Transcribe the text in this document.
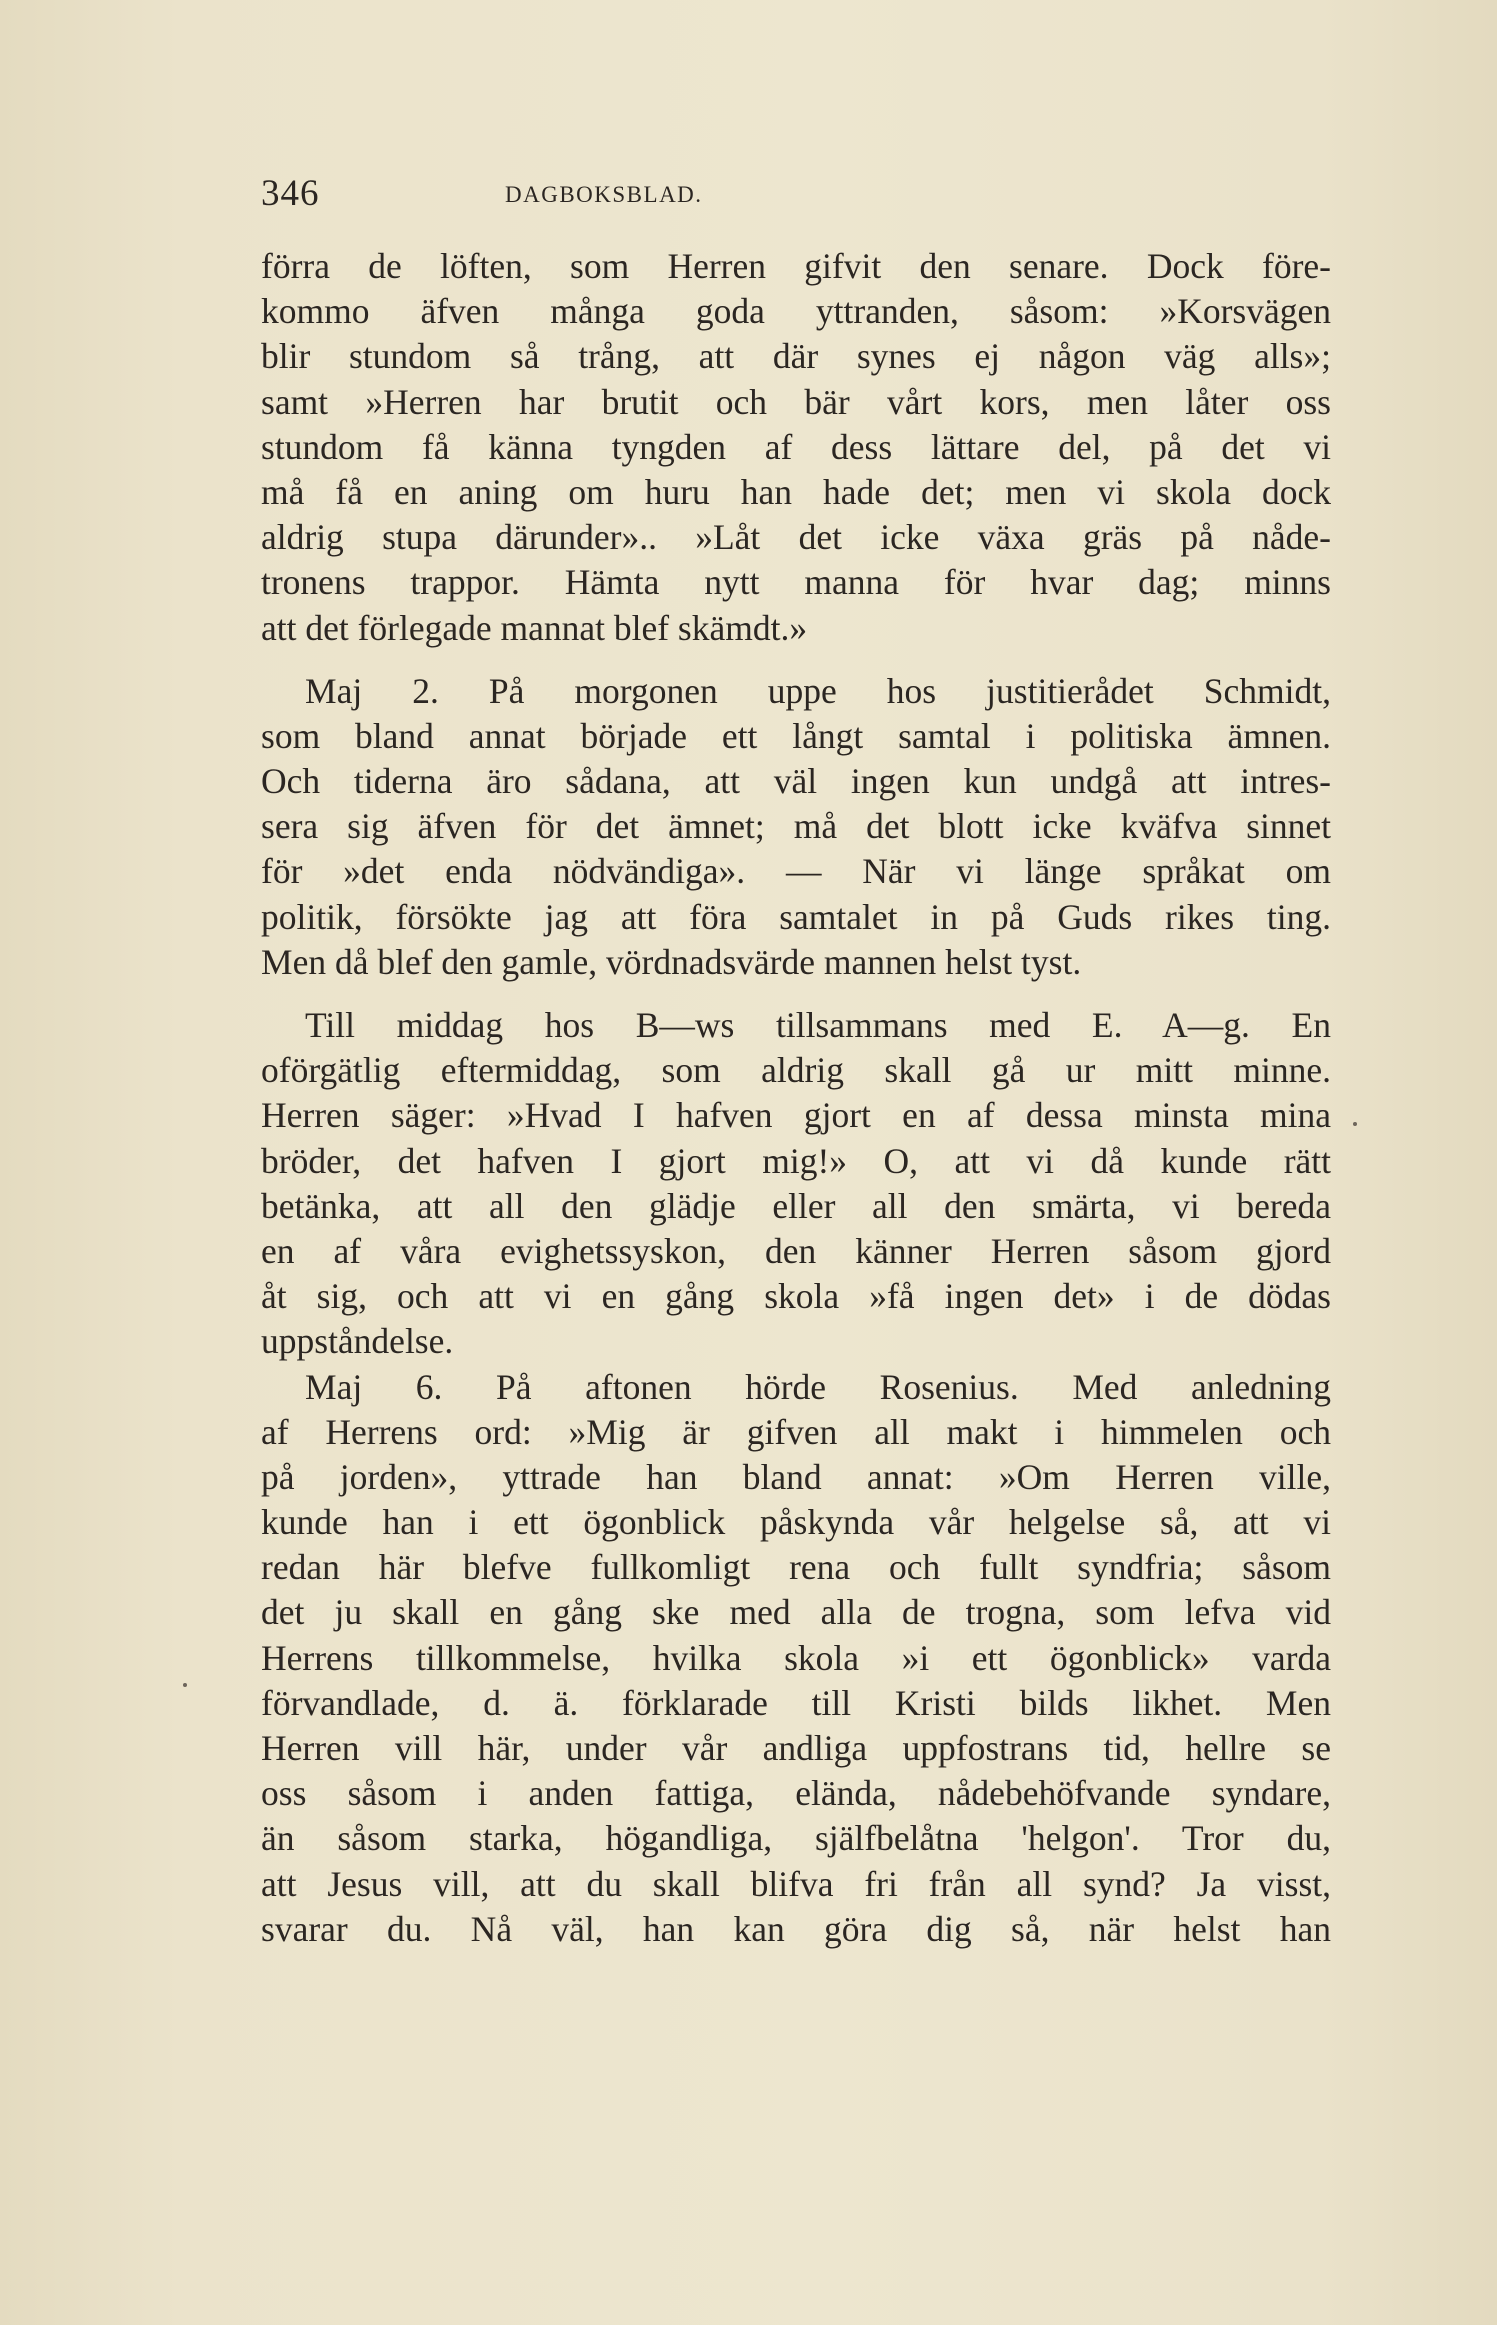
346	DAGBOKSBLAD.
förra de löften, som Herren gifvit den senare. Dock före-
kommo äfven många goda yttranden, såsom: »Korsvägen
blir stundom så trång, att där synes ej någon väg alls»;
samt »Herren har brutit och bär vårt kors, men låter oss
stundom få känna tyngden af dess lättare del, på det vi
må få en aning om huru han hade det; men vi skola dock
aldrig stupa därunder».. »Låt det icke växa gräs på nåde-
tronens trappor. Hämta nytt manna för hvar dag; minns
att det förlegade mannat blef skämdt.»
Maj 2. På morgonen uppe hos justitierådet Schmidt,
som bland annat började ett långt samtal i politiska ämnen.
Och tiderna äro sådana, att väl ingen kun undgå att intres-
sera sig äfven för det ämnet; må det blott icke kväfva sinnet
för »det enda nödvändiga». — När vi länge språkat om
politik, försökte jag att föra samtalet in på Guds rikes ting.
Men då blef den gamle, vördnadsvärde mannen helst tyst.
Till middag hos B—ws tillsammans med E. A—g. En
oförgätlig eftermiddag, som aldrig skall gå ur mitt minne.
Herren säger: »Hvad I hafven gjort en af dessa minsta mina
bröder, det hafven I gjort mig!» O, att vi då kunde rätt
betänka, att all den glädje eller all den smärta, vi bereda
en af våra evighetssyskon, den känner Herren såsom gjord
åt sig, och att vi en gång skola »få ingen det» i de dödas
uppståndelse.
Maj 6. På aftonen hörde Rosenius. Med anledning
af Herrens ord: »Mig är gifven all makt i himmelen och
på jorden», yttrade han bland annat: »Om Herren ville,
kunde han i ett ögonblick påskynda vår helgelse så, att vi
redan här blefve fullkomligt rena och fullt syndfria; såsom
det ju skall en gång ske med alla de trogna, som lefva vid
Herrens tillkommelse, hvilka skola »i ett ögonblick» varda
förvandlade, d. ä. förklarade till Kristi bilds likhet. Men
Herren vill här, under vår andliga uppfostrans tid, hellre se
oss såsom i anden fattiga, elända, nådebehöfvande syndare,
än såsom starka, högandliga, själfbelåtna 'helgon'. Tror du,
att Jesus vill, att du skall blifva fri från all synd? Ja visst,
svarar du. Nå väl, han kan göra dig så, när helst han
